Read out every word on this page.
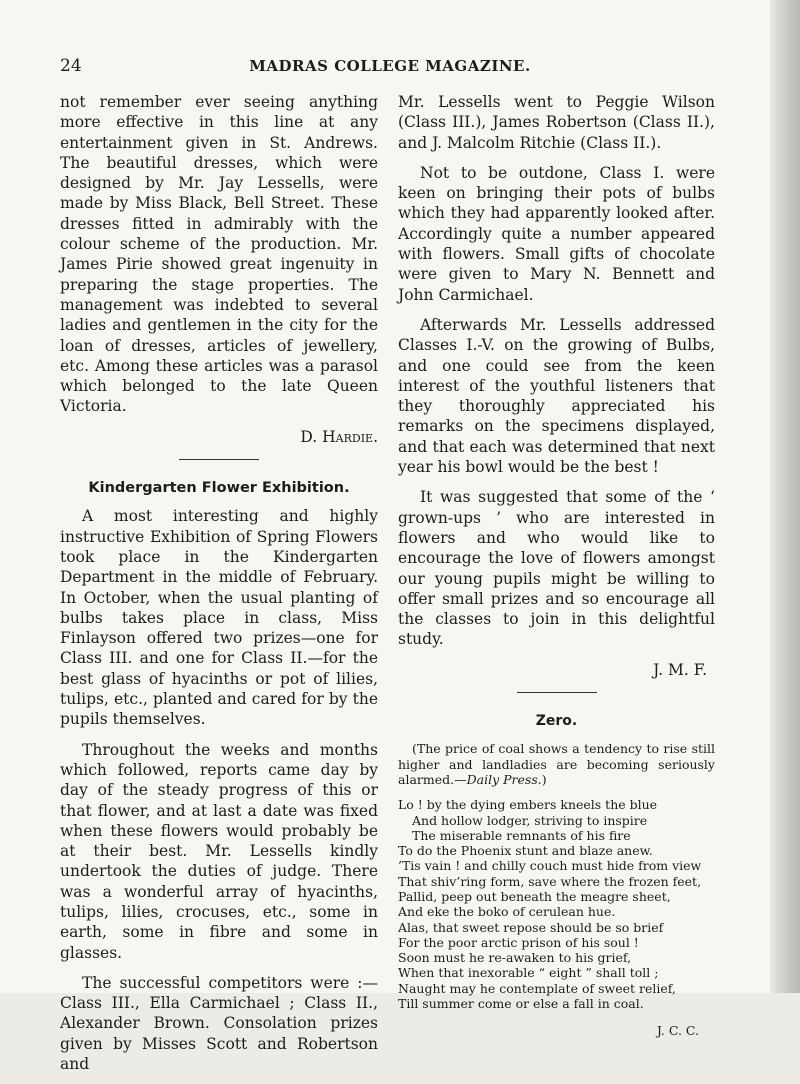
24	MADRAS COLLEGE MAGAZINE.

not remember ever seeing anything more effective in this line at any entertainment given in St. Andrews. The beautiful dresses, which were designed by Mr. Jay Lessells, were made by Miss Black, Bell Street. These dresses fitted in admirably with the colour scheme of the production. Mr. James Pirie showed great ingenuity in preparing the stage properties. The management was indebted to several ladies and gentlemen in the city for the loan of dresses, articles of jewellery, etc. Among these articles was a parasol which belonged to the late Queen Victoria.

D. Hardie.
Kindergarten Flower Exhibition.

A most interesting and highly instructive Exhibition of Spring Flowers took place in the Kindergarten Department in the middle of February. In October, when the usual planting of bulbs takes place in class, Miss Finlayson offered two prizes—one for Class III. and one for Class II.—for the best glass of hyacinths or pot of lilies, tulips, etc., planted and cared for by the pupils themselves.

Throughout the weeks and months which followed, reports came day by day of the steady progress of this or that flower, and at last a date was fixed when these flowers would probably be at their best. Mr. Lessells kindly undertook the duties of judge. There was a wonderful array of hyacinths, tulips, lilies, crocuses, etc., some in earth, some in fibre and some in glasses.

The successful competitors were :— Class III., Ella Carmichael ; Class II., Alexander Brown. Consolation prizes given by Misses Scott and Robertson and

Mr. Lessells went to Peggie Wilson (Class III.), James Robertson (Class II.), and J. Malcolm Ritchie (Class II.).

Not to be outdone, Class I. were keen on bringing their pots of bulbs which they had apparently looked after. Accordingly quite a number appeared with flowers. Small gifts of chocolate were given to Mary N. Bennett and John Carmichael.

Afterwards Mr. Lessells addressed Classes I.-V. on the growing of Bulbs, and one could see from the keen interest of the youthful listeners that they thoroughly appreciated his remarks on the specimens displayed, and that each was determined that next year his bowl would be the best !

It was suggested that some of the ‘ grown-ups ’ who are interested in flowers and who would like to encourage the love of flowers amongst our young pupils might be willing to offer small prizes and so encourage all the classes to join in this delightful study.

J. M. F.
Zero.

(The price of coal shows a tendency to rise still higher and landladies are becoming seriously alarmed.—Daily Press.)

Lo ! by the dying embers kneels the blue
And hollow lodger, striving to inspire
The miserable remnants of his fire
To do the Phoenix stunt and blaze anew.
’Tis vain ! and chilly couch must hide from view
That shiv’ring form, save where the frozen feet,
Pallid, peep out beneath the meagre sheet,
And eke the boko of cerulean hue.
Alas, that sweet repose should be so brief
For the poor arctic prison of his soul !
Soon must he re-awaken to his grief,
When that inexorable “ eight ” shall toll ;
Naught may he contemplate of sweet relief,
Till summer come or else a fall in coal.
J. C. C.
